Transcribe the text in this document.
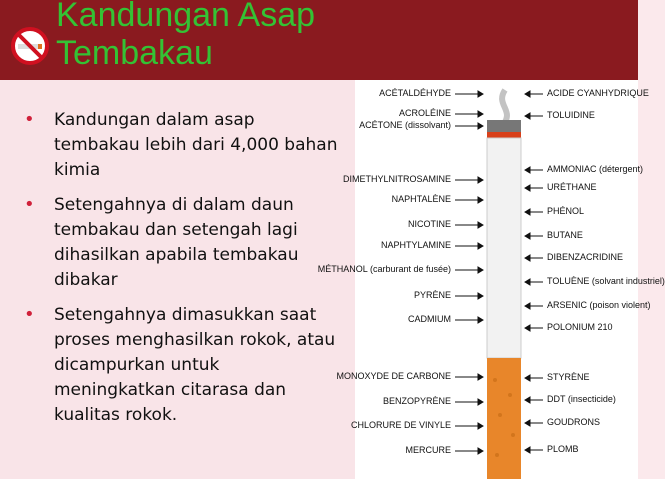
Kandungan Asap
Tembakau
• Kandungan dalam asap
tembakau lebih dari 4,000 bahan
kimia
• Setengahnya di dalam daun
tembakau dan setengah lagi
dihasilkan apabila tembakau
dibakar
• Setengahnya dimasukkan saat
proses menghasilkan rokok, atau
dicampurkan untuk
meningkatkan citarasa dan
kualitas rokok.
ACÉTALDÉHYDE
ACROLÉINE
ACÉTONE (dissolvant)
DIMETHYLNITROSAMINE
NAPHTALÈNE
NICOTINE
NAPHTYLAMINE
MÉTHANOL (carburant de fusée)
PYRÈNE
CADMIUM
MONOXYDE DE CARBONE
BENZOPYRÈNE
CHLORURE DE VINYLE
MERCURE
ACIDE CYANHYDRIQUE
TOLUIDINE
AMMONIAC (détergent)
URÉTHANE
PHÉNOL
BUTANE
DIBENZACRIDINE
TOLUÈNE (solvant industriel)
ARSENIC (poison violent)
POLONIUM 210
STYRÈNE
DDT (insecticide)
GOUDRONS
PLOMB
